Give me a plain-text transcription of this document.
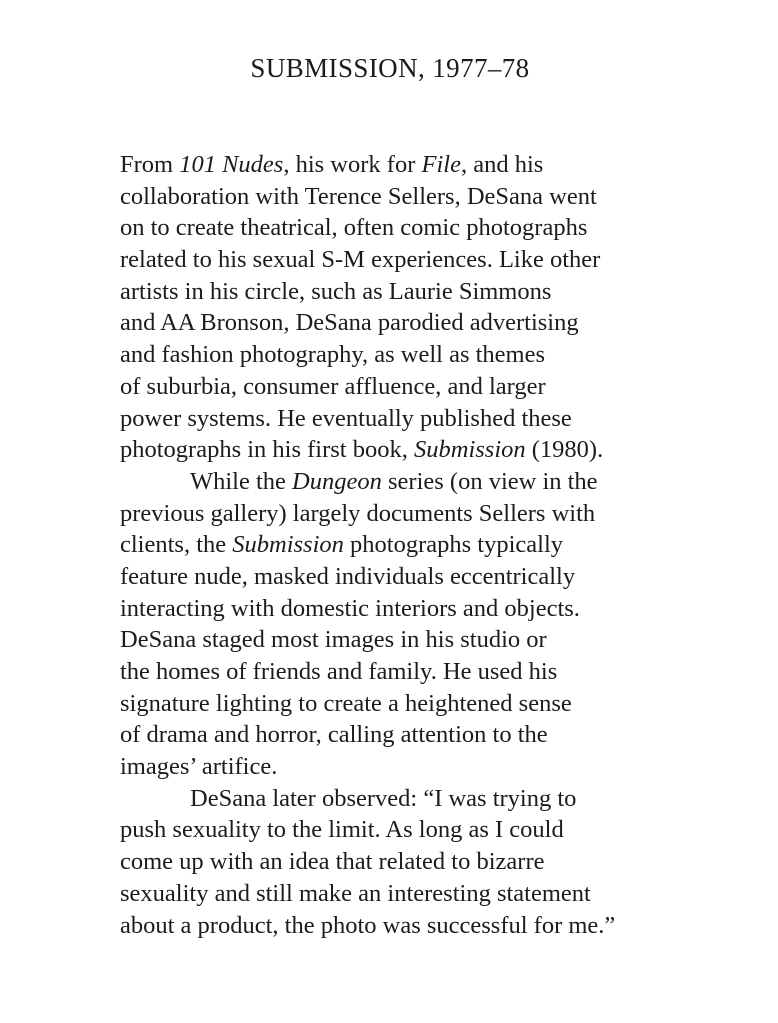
SUBMISSION, 1977–78
From 101 Nudes, his work for File, and his
collaboration with Terence Sellers, DeSana went
on to create theatrical, often comic photographs
related to his sexual S-M experiences. Like other
artists in his circle, such as Laurie Simmons
and AA Bronson, DeSana parodied advertising
and fashion photography, as well as themes
of suburbia, consumer affluence, and larger
power systems. He eventually published these
photographs in his first book, Submission (1980).
While the Dungeon series (on view in the
previous gallery) largely documents Sellers with
clients, the Submission photographs typically
feature nude, masked individuals eccentrically
interacting with domestic interiors and objects.
DeSana staged most images in his studio or
the homes of friends and family. He used his
signature lighting to create a heightened sense
of drama and horror, calling attention to the
images’ artifice.
DeSana later observed: “I was trying to
push sexuality to the limit. As long as I could
come up with an idea that related to bizarre
sexuality and still make an interesting statement
about a product, the photo was successful for me.”
